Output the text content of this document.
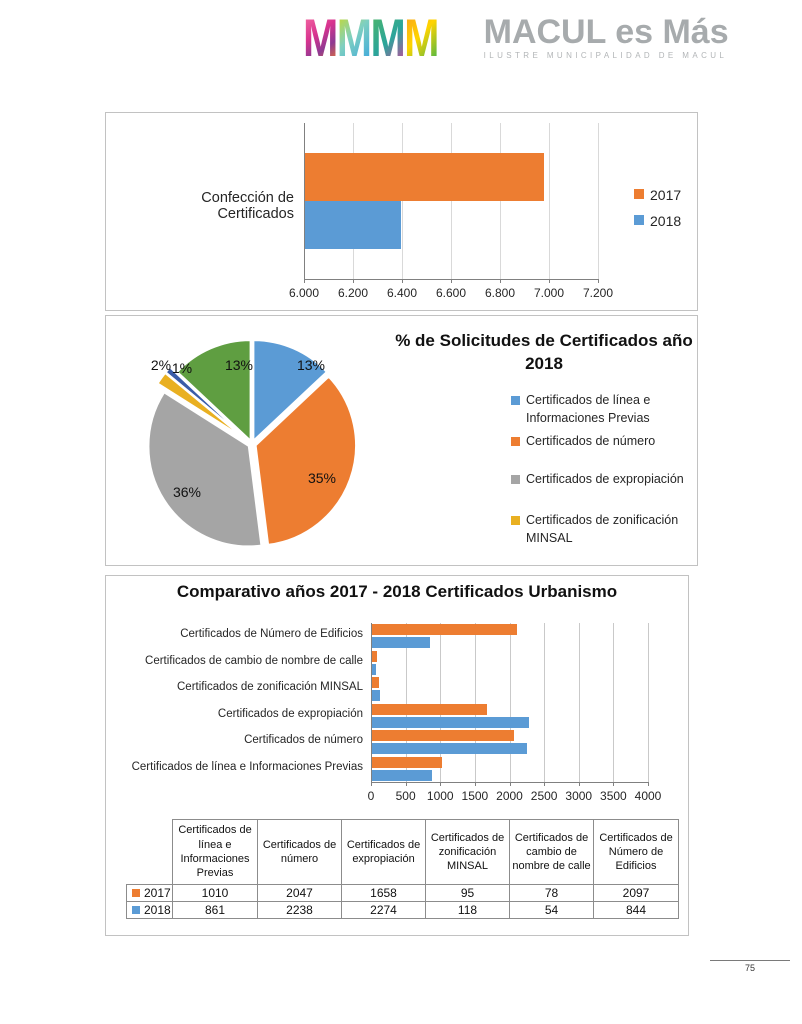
M M M M MACUL es Más
ILUSTRE MUNICIPALIDAD DE MACUL
Confección de Certificados
6.000	6.200	6.400	6.600	6.800	7.000	7.200
2017
2018
% de Solicitudes de Certificados año 2018
13%
35%
36%
2% 1%	13%
Certificados de línea e Informaciones Previas
Certificados de número
Certificados de expropiación
Certificados de zonificación MINSAL
Comparativo años 2017 - 2018 Certificados Urbanismo
	Certificados de línea e Informaciones Previas	Certificados de número	Certificados de expropiación	Certificados de zonificación MINSAL	Certificados de cambio de nombre de calle	Certificados de Número de Edificios

2017	1010	2047	1658	95	78	2097

2018	861	2238	2274	118	54	844
0	500 1000 1500 2000 2500 3000 3500 4000
Certificados de Número de Edificios
Certificados de cambio de nombre de calle
Certificados de zonificación MINSAL
Certificados de expropiación
Certificados de número
Certificados de línea e Informaciones Previas
75
